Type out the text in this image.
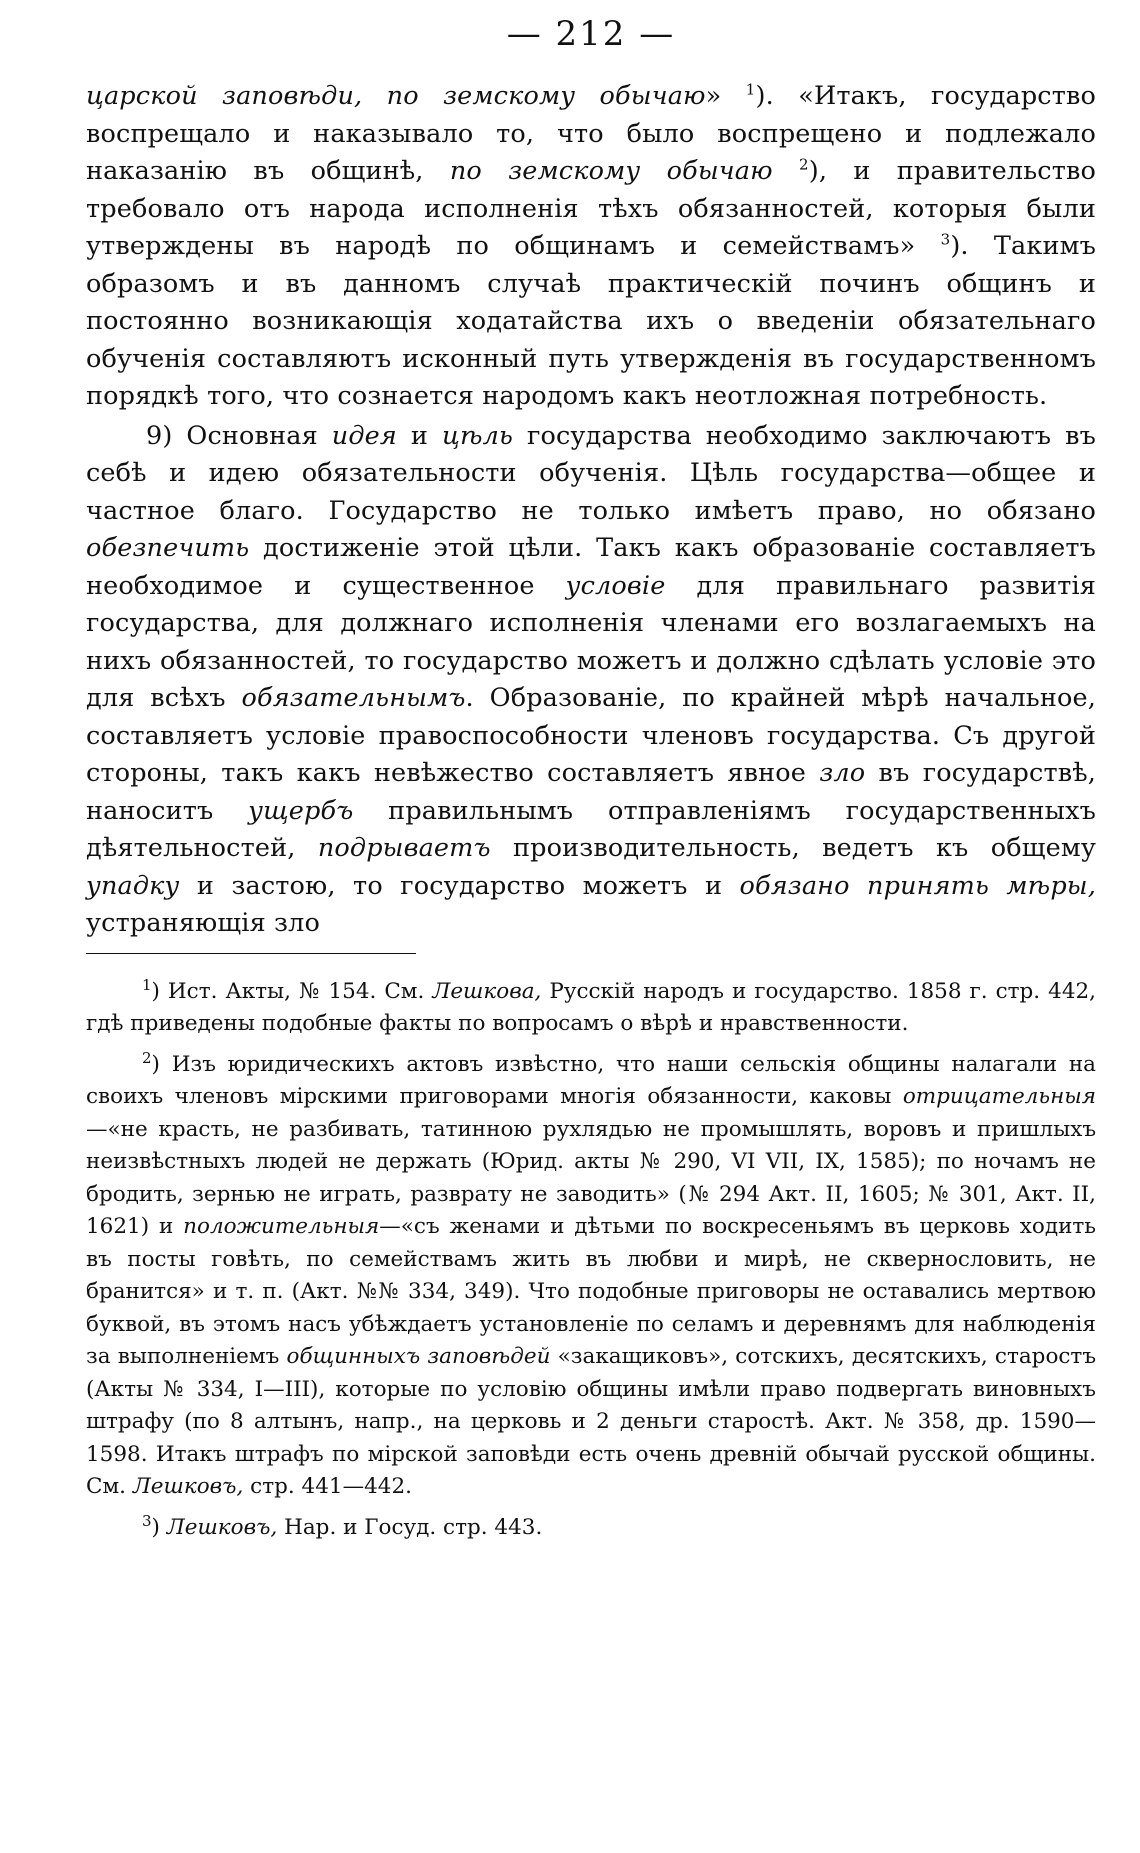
— 212 —

царской заповѣди, по земскому обычаю» $^1$). «Итакъ, государство воспрещало и наказывало то, что было воспрещено и подлежало наказанію въ общинѣ, по земскому обычаю $^2$), и правительство требовало отъ народа исполненія тѣхъ обязанностей, которыя были утверждены въ народѣ по общинамъ и семействамъ» $^3$). Такимъ образомъ и въ данномъ случаѣ практическій починъ общинъ и постоянно возникающія ходатайства ихъ о введеніи обязательнаго обученія составляютъ исконный путь утвержденія въ государственномъ порядкѣ того, что сознается народомъ какъ неотложная потребность.

9) Основная идея и цѣль государства необходимо заключаютъ въ себѣ и идею обязательности обученія. Цѣль государства—общее и частное благо. Государство не только имѣетъ право, но обязано обезпечить достиженіе этой цѣли. Такъ какъ образованіе составляетъ необходимое и существенное условіе для правильнаго развитія государства, для должнаго исполненія членами его возлагаемыхъ на нихъ обязанностей, то государство можетъ и должно сдѣлать условіе это для всѣхъ обязательнымъ. Образованіе, по крайней мѣрѣ начальное, составляетъ условіе правоспособности членовъ государства. Съ другой стороны, такъ какъ невѣжество составляетъ явное зло въ государствѣ, наноситъ ущербъ правильнымъ отправленіямъ государственныхъ дѣятельностей, подрываетъ производительность, ведетъ къ общему упадку и застою, то государство можетъ и обязано принять мѣры, устраняющія зло

$^1$) Ист. Акты, № 154. См. Лешкова, Русскій народъ и государство. 1858 г. стр. 442, гдѣ приведены подобные факты по вопросамъ о вѣрѣ и нравственности.

$^2$) Изъ юридическихъ актовъ извѣстно, что наши сельскія общины налагали на своихъ членовъ мірскими приговорами многія обязанности, каковы отрицательныя—«не красть, не разбивать, татинною рухлядью не промышлять, воровъ и пришлыхъ неизвѣстныхъ людей не держать (Юрид. акты № 290, VI VII, IX, 1585); по ночамъ не бродить, зернью не играть, разврату не заводить» (№ 294 Акт. II, 1605; № 301, Акт. II, 1621) и положительныя—«съ женами и дѣтьми по воскресеньямъ въ церковь ходить въ посты говѣть, по семействамъ жить въ любви и мирѣ, не сквернословить, не бранится» и т. п. (Акт. №№ 334, 349). Что подобные приговоры не оставались мертвою буквой, въ этомъ насъ убѣждаетъ установленіе по селамъ и деревнямъ для наблюденія за выполненіемъ общинныхъ заповѣдей «закащиковъ», сотскихъ, десятскихъ, старостъ (Акты № 334, I—III), которые по условію общины имѣли право подвергать виновныхъ штрафу (по 8 алтынъ, напр., на церковь и 2 деньги старостѣ. Акт. № 358, др. 1590—1598. Итакъ штрафъ по мірской заповѣди есть очень древній обычай русской общины. См. Лешковъ, стр. 441—442.

$^3$) Лешковъ, Нар. и Госуд. стр. 443.
